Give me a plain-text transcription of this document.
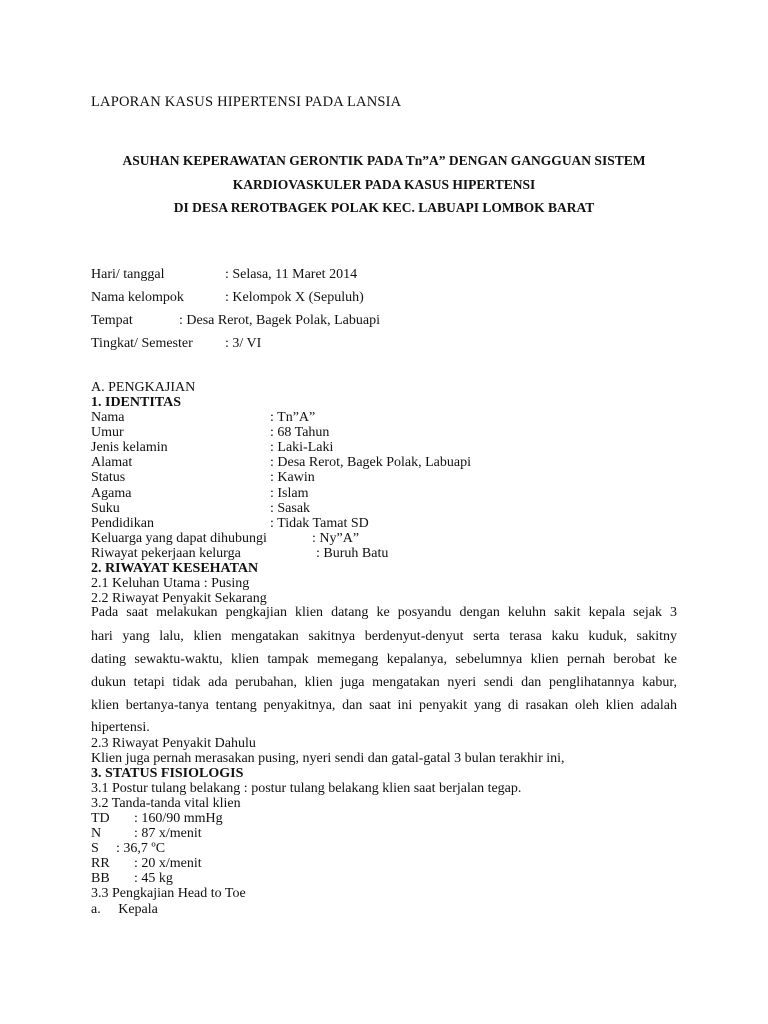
LAPORAN KASUS HIPERTENSI PADA LANSIA
ASUHAN KEPERAWATAN GERONTIK PADA Tn”A” DENGAN GANGGUAN SISTEM
KARDIOVASKULER PADA KASUS HIPERTENSI
DI DESA REROTBAGEK POLAK KEC. LABUAPI LOMBOK BARAT
Hari/ tanggal	: Selasa, 11 Maret 2014
Nama kelompok	: Kelompok X (Sepuluh)
Tempat	: Desa Rerot, Bagek Polak, Labuapi
Tingkat/ Semester : 3/ VI
A. PENGKAJIAN
1. IDENTITAS
Nama	: Tn”A”
Umur	: 68 Tahun
Jenis kelamin	: Laki-Laki
Alamat	: Desa Rerot, Bagek Polak, Labuapi
Status	: Kawin
Agama	: Islam
Suku	: Sasak
Pendidikan	: Tidak Tamat SD
Keluarga yang dapat dihubungi	: Ny”A”
Riwayat pekerjaan kelurga	: Buruh Batu
2. RIWAYAT KESEHATAN
2.1 Keluhan Utama : Pusing
2.2 Riwayat Penyakit Sekarang
Pada saat melakukan pengkajian klien datang ke posyandu dengan keluhn sakit kepala sejak 3
hari yang lalu, klien mengatakan sakitnya berdenyut-denyut serta terasa kaku kuduk, sakitny
dating sewaktu-waktu, klien tampak memegang kepalanya, sebelumnya klien pernah berobat ke
dukun tetapi tidak ada perubahan, klien juga mengatakan nyeri sendi dan penglihatannya kabur,
klien bertanya-tanya tentang penyakitnya, dan saat ini penyakit yang di rasakan oleh klien adalah
hipertensi.
2.3 Riwayat Penyakit Dahulu
Klien juga pernah merasakan pusing, nyeri sendi dan gatal-gatal 3 bulan terakhir ini,
3. STATUS FISIOLOGIS
3.1 Postur tulang belakang : postur tulang belakang klien saat berjalan tegap.
3.2 Tanda-tanda vital klien
TD : 160/90 mmHg
N : 87 x/menit
S : 36,7 ºC
RR : 20 x/menit
BB : 45 kg
3.3 Pengkajian Head to Toe
a.     Kepala
